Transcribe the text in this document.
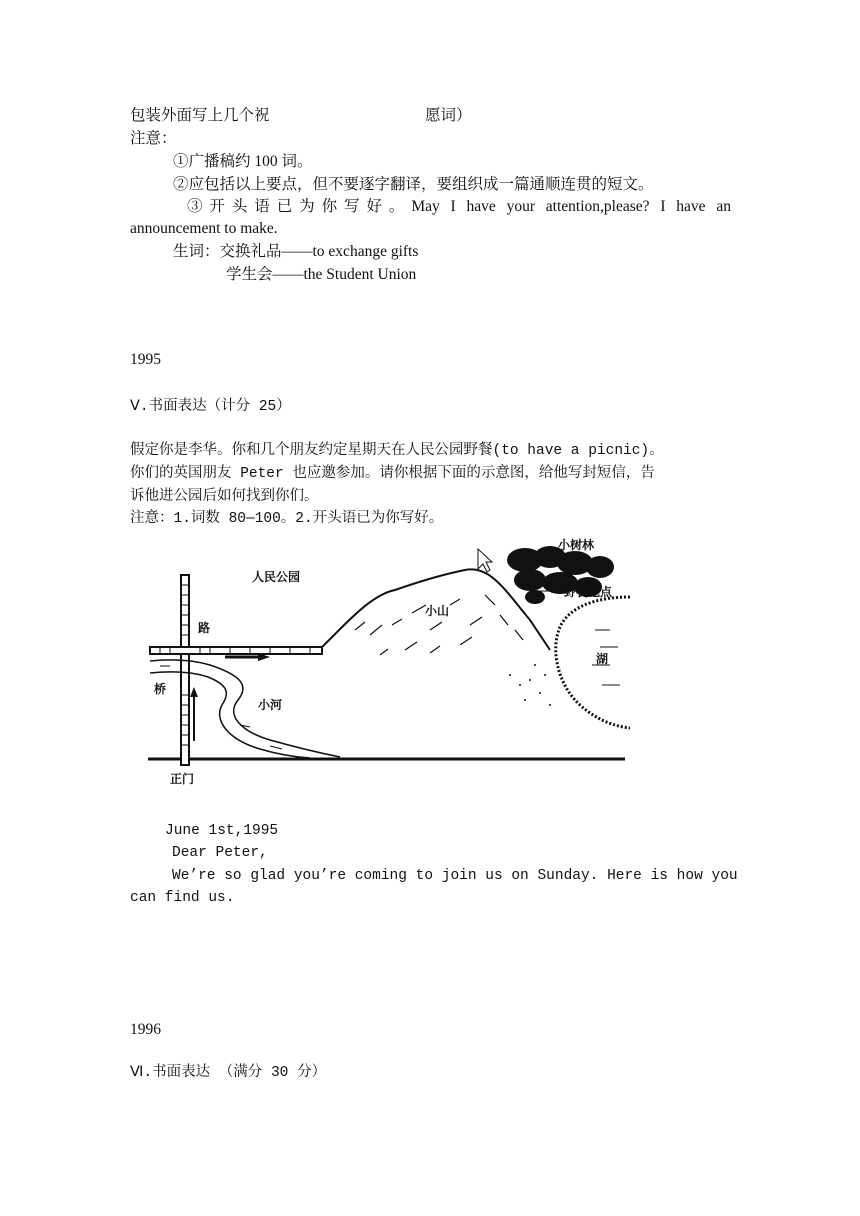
包装外面写上几个祝	愿词）
注意：
①广播稿约 100 词。
②应包括以上要点，但不要逐字翻译，要组织成一篇通顺连贯的短文。
③开头语已为你写好。May I have your attention,please? I have an
announcement to make.
生词：交换礼品——to exchange gifts
学生会——the Student Union
1995
Ⅴ.书面表达（计分 25）
假定你是李华。你和几个朋友约定星期天在人民公园野餐(to have a picnic)。
你们的英国朋友 Peter 也应邀参加。请你根据下面的示意图，给他写封短信，告
诉他进公园后如何找到你们。
注意：1.词数 80—100。2.开头语已为你写好。
人民公园
路
桥
小河
正门
小山
小树林
野餐地点
湖
June 1st,1995
Dear Peter,
We’re so glad you’re coming to join us on Sunday. Here is how you
can find us.
1996
Ⅵ.书面表达 （满分 30 分）
